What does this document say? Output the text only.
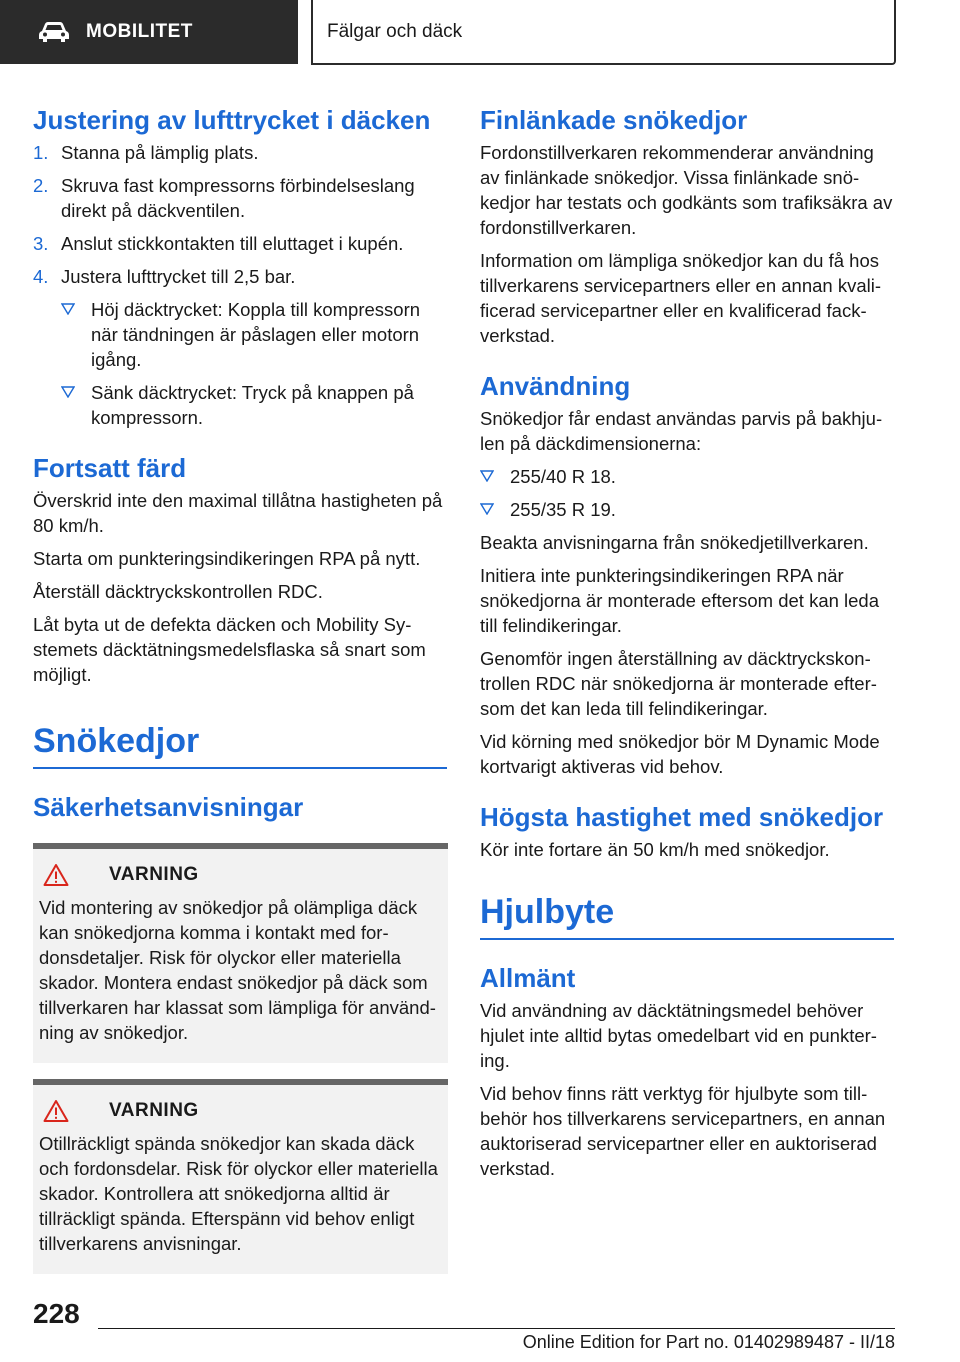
MOBILITET	Fälgar och däck
Justering av lufttrycket i däcken
1. Stanna på lämplig plats.
2. Skruva fast kompressorns förbindelseslang direkt på däckventilen.
3. Anslut stickkontakten till eluttaget i kupén.
4. Justera lufttrycket till 2,5 bar.
Höj däcktrycket: Koppla till kompressorn när tändningen är påslagen eller motorn igång.
Sänk däcktrycket: Tryck på knappen på kompressorn.
Fortsatt färd

Överskrid inte den maximal tillåtna hastigheten på 80 km/h.

Starta om punkteringsindikeringen RPA på nytt.

Återställ däcktryckskontrollen RDC.

Låt byta ut de defekta däcken och Mobility Systemets däcktätningsmedelsflaska så snart som möjligt.

Snökedjor
Säkerhetsanvisningar
VARNING

Vid montering av snökedjor på olämpliga däck kan snökedjorna komma i kontakt med fordonsdetaljer. Risk för olyckor eller materiella skador. Montera endast snökedjor på däck som tillverkaren har klassat som lämpliga för användning av snökedjor.

VARNING

Otillräckligt spända snökedjor kan skada däck och fordonsdelar. Risk för olyckor eller materiella skador. Kontrollera att snökedjorna alltid är tillräckligt spända. Efterspänn vid behov enligt tillverkarens anvisningar.

Finlänkade snökedjor

Fordonstillverkaren rekommenderar användning av finlänkade snökedjor. Vissa finlänkade snökedjor har testats och godkänts som trafiksäkra av fordonstillverkaren.

Information om lämpliga snökedjor kan du få hos tillverkarens servicepartners eller en annan kvalificerad servicepartner eller en kvalificerad fackverkstad.

Användning

Snökedjor får endast användas parvis på bakhjulen på däckdimensionerna:

255/40 R 18.
255/35 R 19.

Beakta anvisningarna från snökedjetillverkaren.

Initiera inte punkteringsindikeringen RPA när snökedjorna är monterade eftersom det kan leda till felindikeringar.

Genomför ingen återställning av däcktryckskontrollen RDC när snökedjorna är monterade eftersom det kan leda till felindikeringar.

Vid körning med snökedjor bör M Dynamic Mode kortvarigt aktiveras vid behov.

Högsta hastighet med snökedjor

Kör inte fortare än 50 km/h med snökedjor.

Hjulbyte
Allmänt

Vid användning av däcktätningsmedel behöver hjulet inte alltid bytas omedelbart vid en punktering.

Vid behov finns rätt verktyg för hjulbyte som tillbehör hos tillverkarens servicepartners, en annan auktoriserad servicepartner eller en auktoriserad verkstad.

228
Online Edition for Part no. 01402989487 - II/18
